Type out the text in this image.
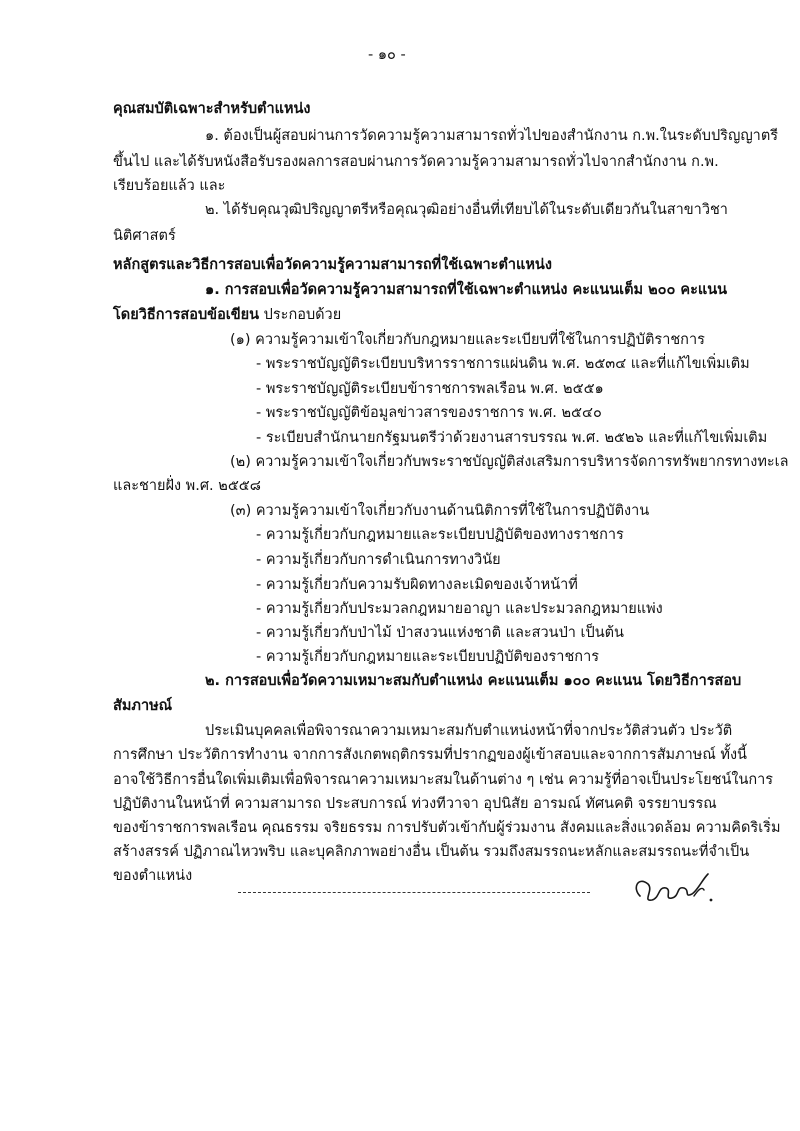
- ๑๐ -
คุณสมบัติเฉพาะสำหรับตำแหน่ง
๑. ต้องเป็นผู้สอบผ่านการวัดความรู้ความสามารถทั่วไปของสำนักงาน ก.พ.ในระดับปริญญาตรี
ขึ้นไป และได้รับหนังสือรับรองผลการสอบผ่านการวัดความรู้ความสามารถทั่วไปจากสำนักงาน ก.พ.
เรียบร้อยแล้ว และ
๒. ได้รับคุณวุฒิปริญญาตรีหรือคุณวุฒิอย่างอื่นที่เทียบได้ในระดับเดียวกันในสาขาวิชา
นิติศาสตร์
หลักสูตรและวิธีการสอบเพื่อวัดความรู้ความสามารถที่ใช้เฉพาะตำแหน่ง
๑. การสอบเพื่อวัดความรู้ความสามารถที่ใช้เฉพาะตำแหน่ง คะแนนเต็ม ๒๐๐ คะแนน
โดยวิธีการสอบข้อเขียน ประกอบด้วย
(๑) ความรู้ความเข้าใจเกี่ยวกับกฎหมายและระเบียบที่ใช้ในการปฏิบัติราชการ
- พระราชบัญญัติระเบียบบริหารราชการแผ่นดิน พ.ศ. ๒๕๓๔ และที่แก้ไขเพิ่มเติม
- พระราชบัญญัติระเบียบข้าราชการพลเรือน พ.ศ. ๒๕๕๑
- พระราชบัญญัติข้อมูลข่าวสารของราชการ พ.ศ. ๒๕๔๐
- ระเบียบสำนักนายกรัฐมนตรีว่าด้วยงานสารบรรณ พ.ศ. ๒๕๒๖ และที่แก้ไขเพิ่มเติม
(๒) ความรู้ความเข้าใจเกี่ยวกับพระราชบัญญัติส่งเสริมการบริหารจัดการทรัพยากรทางทะเล
และชายฝั่ง พ.ศ. ๒๕๕๘
(๓) ความรู้ความเข้าใจเกี่ยวกับงานด้านนิติการที่ใช้ในการปฏิบัติงาน
- ความรู้เกี่ยวกับกฎหมายและระเบียบปฏิบัติของทางราชการ
- ความรู้เกี่ยวกับการดำเนินการทางวินัย
- ความรู้เกี่ยวกับความรับผิดทางละเมิดของเจ้าหน้าที่
- ความรู้เกี่ยวกับประมวลกฎหมายอาญา และประมวลกฎหมายแพ่ง
- ความรู้เกี่ยวกับป่าไม้ ป่าสงวนแห่งชาติ และสวนป่า เป็นต้น
- ความรู้เกี่ยวกับกฎหมายและระเบียบปฏิบัติของราชการ
๒. การสอบเพื่อวัดความเหมาะสมกับตำแหน่ง คะแนนเต็ม ๑๐๐ คะแนน โดยวิธีการสอบ
สัมภาษณ์
ประเมินบุคคลเพื่อพิจารณาความเหมาะสมกับตำแหน่งหน้าที่จากประวัติส่วนตัว ประวัติ
การศึกษา ประวัติการทำงาน จากการสังเกตพฤติกรรมที่ปรากฏของผู้เข้าสอบและจากการสัมภาษณ์ ทั้งนี้
อาจใช้วิธีการอื่นใดเพิ่มเติมเพื่อพิจารณาความเหมาะสมในด้านต่าง ๆ เช่น ความรู้ที่อาจเป็นประโยชน์ในการ
ปฏิบัติงานในหน้าที่ ความสามารถ ประสบการณ์ ท่วงทีวาจา อุปนิสัย อารมณ์ ทัศนคติ จรรยาบรรณ
ของข้าราชการพลเรือน คุณธรรม จริยธรรม การปรับตัวเข้ากับผู้ร่วมงาน สังคมและสิ่งแวดล้อม ความคิดริเริ่ม
สร้างสรรค์ ปฏิภาณไหวพริบ และบุคลิกภาพอย่างอื่น เป็นต้น รวมถึงสมรรถนะหลักและสมรรถนะที่จำเป็น
ของตำแหน่ง
